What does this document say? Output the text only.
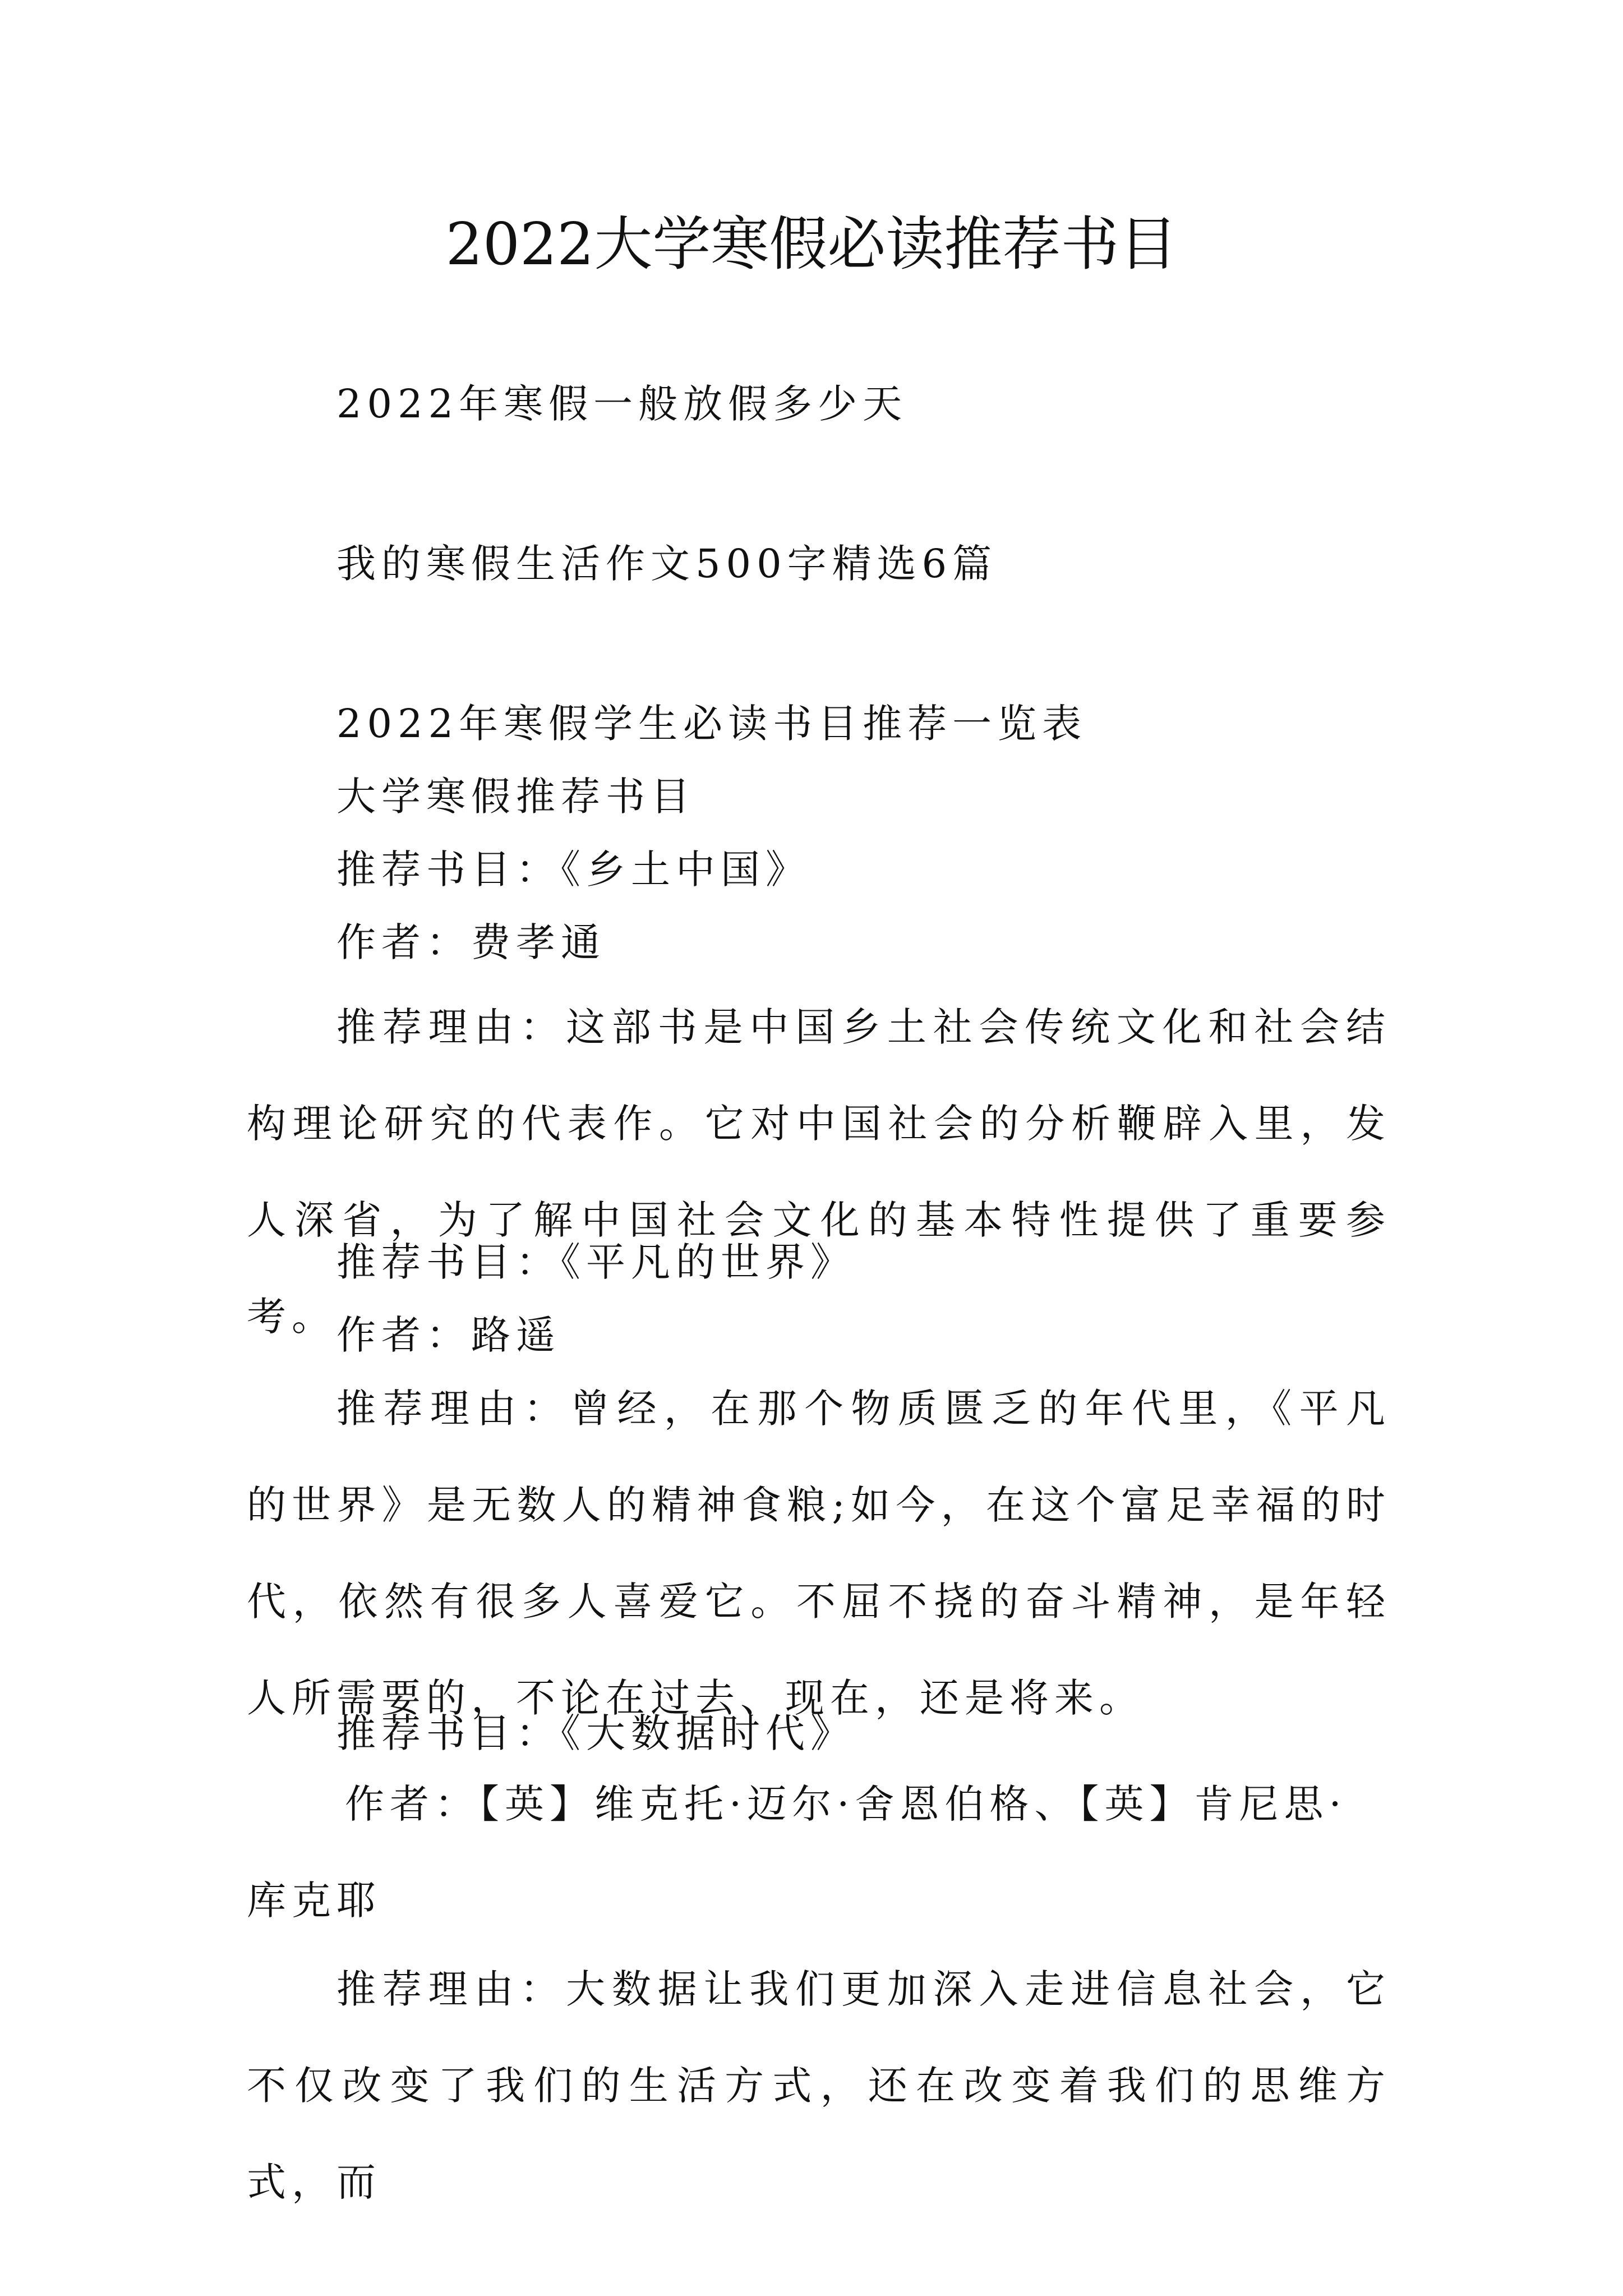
2022大学寒假必读推荐书目
2022年寒假一般放假多少天
我的寒假生活作文500字精选6篇
2022年寒假学生必读书目推荐一览表
大学寒假推荐书目
推荐书目：《乡土中国》
作者：费孝通
推荐理由：这部书是中国乡土社会传统文化和社会结构理论研究的代表作。它对中国社会的分析鞭辟入里，发人深省，为了解中国社会文化的基本特性提供了重要参考。
推荐书目：《平凡的世界》
作者：路遥
推荐理由：曾经，在那个物质匮乏的年代里，《平凡的世界》是无数人的精神食粮;如今，在这个富足幸福的时代，依然有很多人喜爱它。不屈不挠的奋斗精神，是年轻人所需要的，不论在过去、现在，还是将来。
推荐书目：《大数据时代》
作者：【英】维克托·迈尔·舍恩伯格、【英】肯尼思·库克耶
推荐理由：大数据让我们更加深入走进信息社会，它不仅改变了我们的生活方式，还在改变着我们的思维方式，而
